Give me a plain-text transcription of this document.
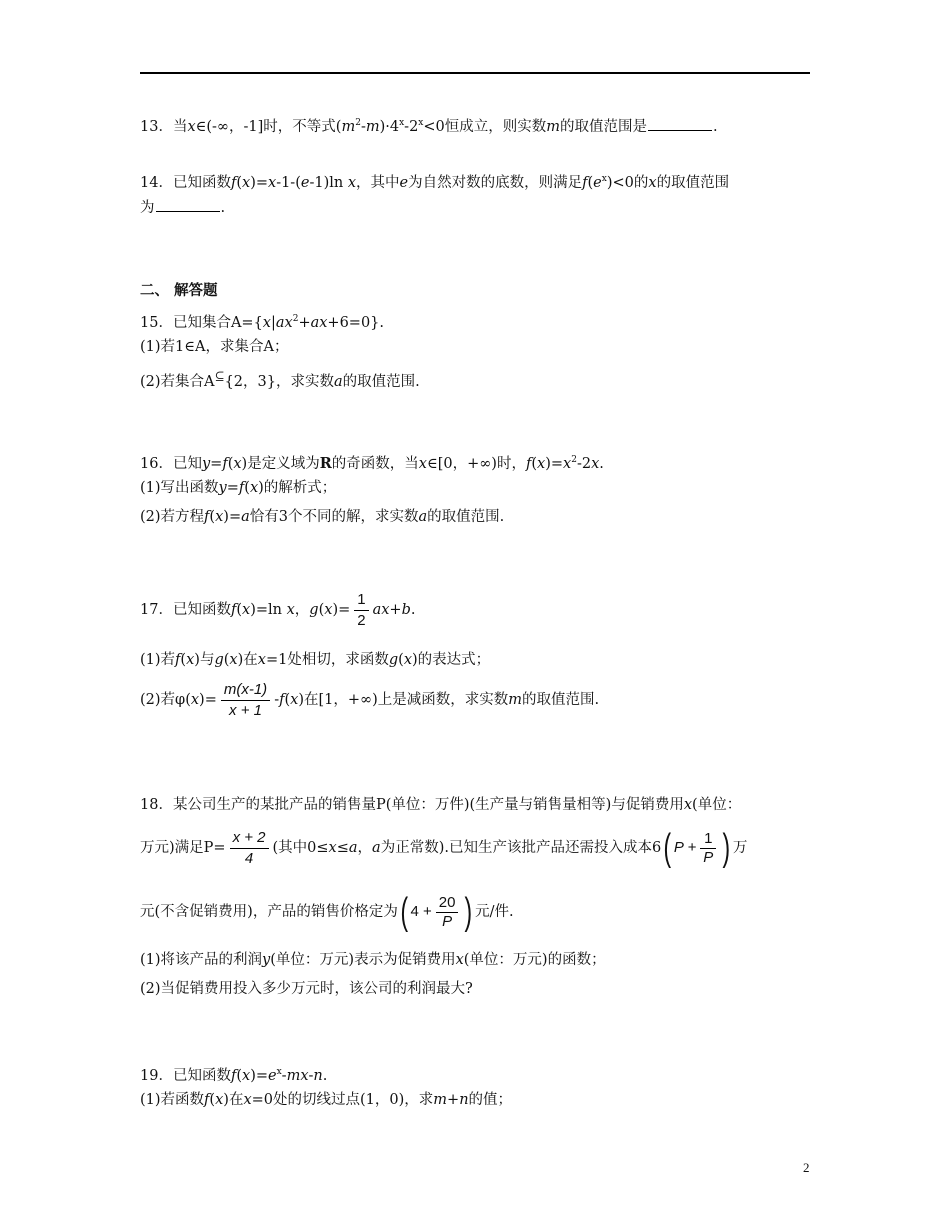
13．当x∈(-∞，-1]时，不等式$(m^2-m)\cdot 4^x-2^x<0$恒成立，则实数m的取值范围是	.
14．已知函数f(x)=x-1-(e-1)ln x，其中e为自然对数的底数，则满足$f(e^x)<0$的x的取值范围
为	.
二、 解答题
15．已知集合$A=\{x|ax^2+ax+6=0\}$.
(1)若1∈A，求集合A；
(2)若集合A⊆{2，3}，求实数a的取值范围.
16．已知y=f(x)是定义域为R的奇函数，当x∈[0，+∞)时，$f(x)=x^2-2x$.
(1)写出函数y=f(x)的解析式；
(2)若方程f(x)=a恰有3个不同的解，求实数a的取值范围.
17．已知函数f(x)=ln x，$g(x)= \frac{1}{2} ax+b$.
(1)若f(x)与g(x)在x=1处相切，求函数g(x)的表达式；
(2)若$\varphi(x)= \frac{m(x-1)}{x + 1} -f(x)$在[1，+∞)上是减函数，求实数m的取值范围.
18．某公司生产的某批产品的销售量P(单位：万件)(生产量与销售量相等)与促销费用x(单位：
万元)满足$P= \frac{x + 2}{4}$ (其中0≤x≤a，a为正常数).已知生产该批产品还需投入成本6 ( $P + \frac{1}{P}$ ) 万
元(不含促销费用)，产品的销售价格定为 ( $4 + \frac{20}{P}$ ) 元/件.
(1)将该产品的利润y(单位：万元)表示为促销费用x(单位：万元)的函数；
(2)当促销费用投入多少万元时，该公司的利润最大?
19．已知函数$f(x)=e^x-mx-n$.
(1)若函数f(x)在x=0处的切线过点(1，0)，求m+n的值；
2
